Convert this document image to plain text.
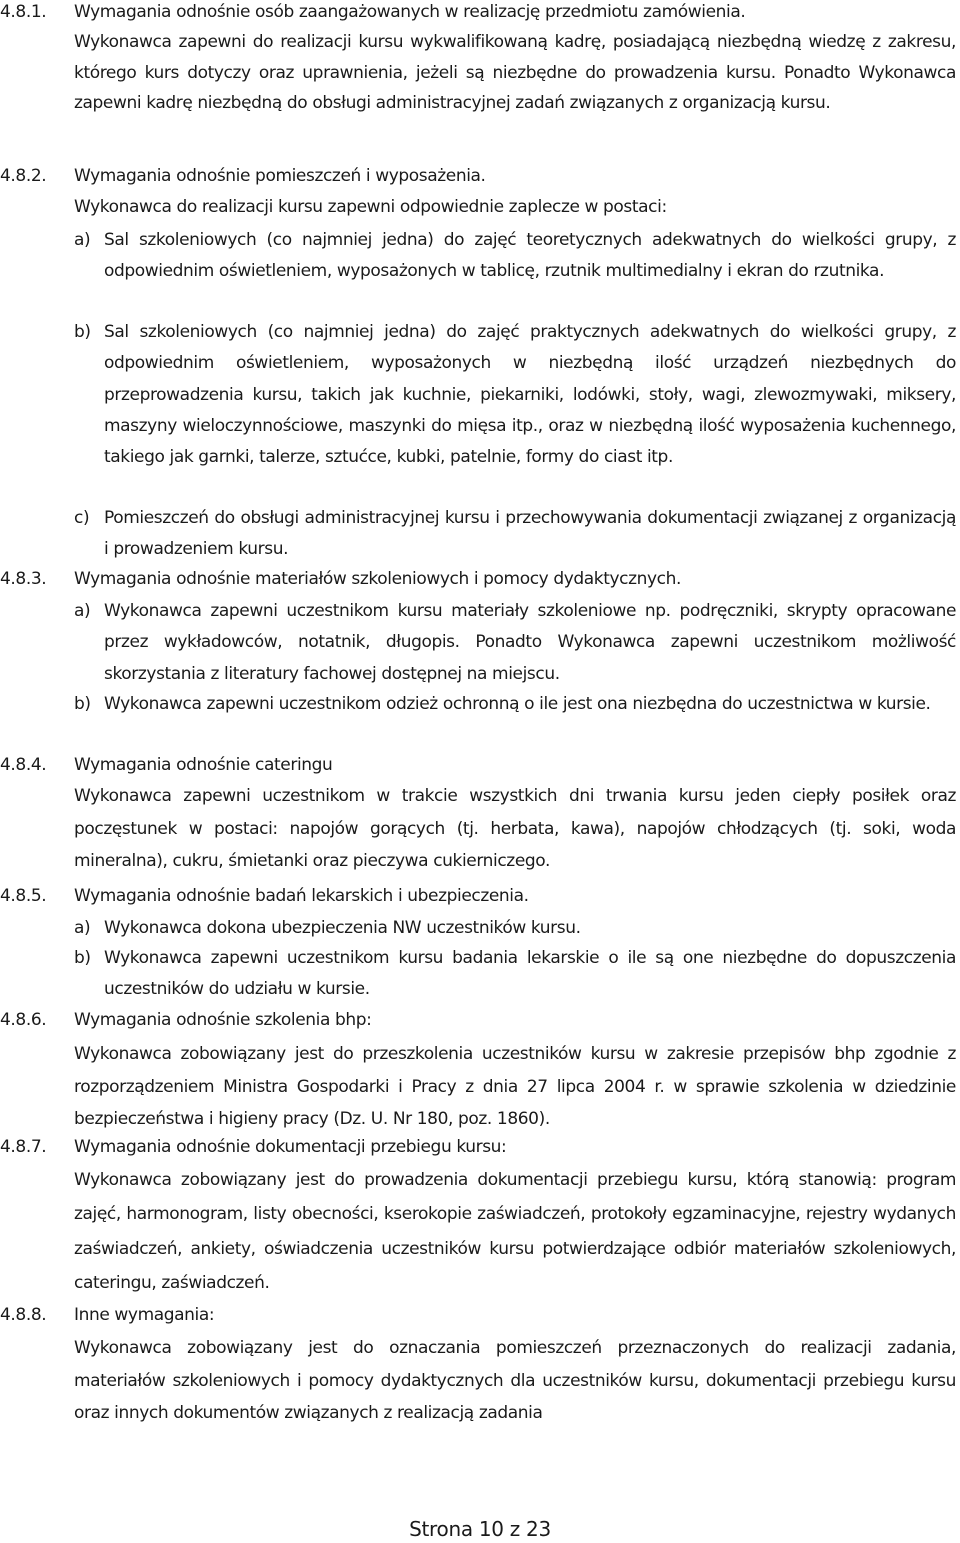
4.8.1.	Wymagania odnośnie osób zaangażowanych w realizację przedmiotu zamówienia.
Wykonawca zapewni do realizacji kursu wykwalifikowaną kadrę, posiadającą niezbędną wiedzę z zakresu, którego kurs dotyczy oraz uprawnienia, jeżeli są niezbędne do prowadzenia kursu. Ponadto Wykonawca zapewni kadrę niezbędną do obsługi administracyjnej zadań związanych z organizacją kursu.
4.8.2.	Wymagania odnośnie pomieszczeń i wyposażenia.
Wykonawca do realizacji kursu zapewni odpowiednie zaplecze w postaci:
a) Sal szkoleniowych (co najmniej jedna) do zajęć teoretycznych adekwatnych do wielkości grupy, z odpowiednim oświetleniem, wyposażonych w tablicę, rzutnik multimedialny i ekran do rzutnika.
b) Sal szkoleniowych (co najmniej jedna) do zajęć praktycznych adekwatnych do wielkości grupy, z odpowiednim oświetleniem, wyposażonych w niezbędną ilość urządzeń niezbędnych do przeprowadzenia kursu, takich jak kuchnie, piekarniki, lodówki, stoły, wagi, zlewozmywaki, miksery, maszyny wieloczynnościowe, maszynki do mięsa itp., oraz w niezbędną ilość wyposażenia kuchennego, takiego jak garnki, talerze, sztućce, kubki, patelnie, formy do ciast itp.
c) Pomieszczeń do obsługi administracyjnej kursu i przechowywania dokumentacji związanej z organizacją i prowadzeniem kursu.
4.8.3.	Wymagania odnośnie materiałów szkoleniowych i pomocy dydaktycznych.
a) Wykonawca zapewni uczestnikom kursu materiały szkoleniowe np. podręczniki, skrypty opracowane przez wykładowców, notatnik, długopis. Ponadto Wykonawca zapewni uczestnikom możliwość skorzystania z literatury fachowej dostępnej na miejscu.
b) Wykonawca zapewni uczestnikom odzież ochronną o ile jest ona niezbędna do uczestnictwa w kursie.
4.8.4.	Wymagania odnośnie cateringu
Wykonawca zapewni uczestnikom w trakcie wszystkich dni trwania kursu jeden ciepły posiłek oraz poczęstunek w postaci: napojów gorących (tj. herbata, kawa), napojów chłodzących (tj. soki, woda mineralna), cukru, śmietanki oraz pieczywa cukierniczego.
4.8.5.	Wymagania odnośnie badań lekarskich i ubezpieczenia.
a) Wykonawca dokona ubezpieczenia NW uczestników kursu.
b) Wykonawca zapewni uczestnikom kursu badania lekarskie o ile są one niezbędne do dopuszczenia uczestników do udziału w kursie.
4.8.6.	Wymagania odnośnie szkolenia bhp:
Wykonawca zobowiązany jest do przeszkolenia uczestników kursu w zakresie przepisów bhp zgodnie z rozporządzeniem Ministra Gospodarki i Pracy z dnia 27 lipca 2004 r. w sprawie szkolenia w dziedzinie bezpieczeństwa i higieny pracy (Dz. U. Nr 180, poz. 1860).
4.8.7.	Wymagania odnośnie dokumentacji przebiegu kursu:
Wykonawca zobowiązany jest do prowadzenia dokumentacji przebiegu kursu, którą stanowią: program zajęć, harmonogram, listy obecności, kserokopie zaświadczeń, protokoły egzaminacyjne, rejestry wydanych zaświadczeń, ankiety, oświadczenia uczestników kursu potwierdzające odbiór materiałów szkoleniowych, cateringu, zaświadczeń.
4.8.8.	Inne wymagania:
Wykonawca zobowiązany jest do oznaczania pomieszczeń przeznaczonych do realizacji zadania, materiałów szkoleniowych i pomocy dydaktycznych dla uczestników kursu, dokumentacji przebiegu kursu oraz innych dokumentów związanych z realizacją zadania
Strona 10 z 23
